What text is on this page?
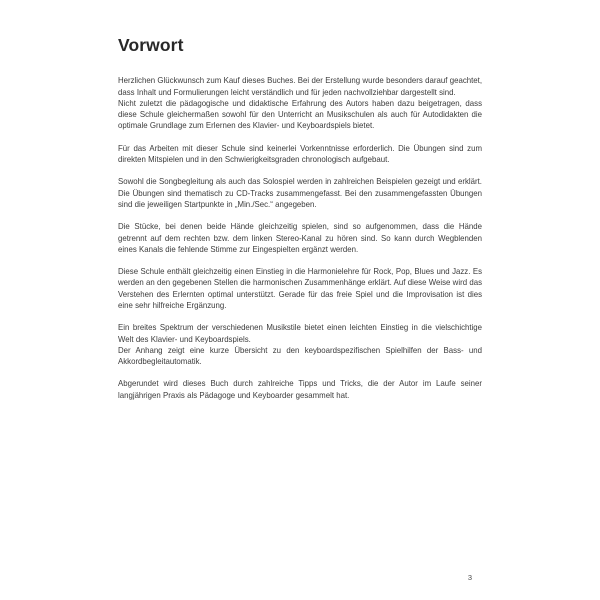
Vorwort

Herzlichen Glückwunsch zum Kauf dieses Buches. Bei der Erstellung wurde besonders darauf geachtet, dass Inhalt und Formulierungen leicht verständlich und für jeden nachvollziehbar dargestellt sind.

Nicht zuletzt die pädagogische und didaktische Erfahrung des Autors haben dazu beigetragen, dass diese Schule gleichermaßen sowohl für den Unterricht an Musikschulen als auch für Autodidakten die optimale Grundlage zum Erlernen des Klavier- und Keyboardspiels bietet.

Für das Arbeiten mit dieser Schule sind keinerlei Vorkenntnisse erforderlich. Die Übungen sind zum direkten Mitspielen und in den Schwierigkeitsgraden chronologisch aufgebaut.

Sowohl die Songbegleitung als auch das Solospiel werden in zahlreichen Beispielen gezeigt und erklärt. Die Übungen sind thematisch zu CD-Tracks zusammengefasst. Bei den zusammengefassten Übungen sind die jeweiligen Startpunkte in „Min./Sec.“ angegeben.

Die Stücke, bei denen beide Hände gleichzeitig spielen, sind so aufgenommen, dass die Hände getrennt auf dem rechten bzw. dem linken Stereo-Kanal zu hören sind. So kann durch Wegblenden eines Kanals die fehlende Stimme zur Eingespielten ergänzt werden.

Diese Schule enthält gleichzeitig einen Einstieg in die Harmonielehre für Rock, Pop, Blues und Jazz. Es werden an den gegebenen Stellen die harmonischen Zusammenhänge erklärt. Auf diese Weise wird das Verstehen des Erlernten optimal unterstützt. Gerade für das freie Spiel und die Improvisation ist dies eine sehr hilfreiche Ergänzung.

Ein breites Spektrum der verschiedenen Musikstile bietet einen leichten Einstieg in die vielschichtige Welt des Klavier- und Keyboardspiels.

Der Anhang zeigt eine kurze Übersicht zu den keyboardspezifischen Spielhilfen der Bass- und Akkordbegleitautomatik.

Abgerundet wird dieses Buch durch zahlreiche Tipps und Tricks, die der Autor im Laufe seiner langjährigen Praxis als Pädagoge und Keyboarder gesammelt hat.

3
